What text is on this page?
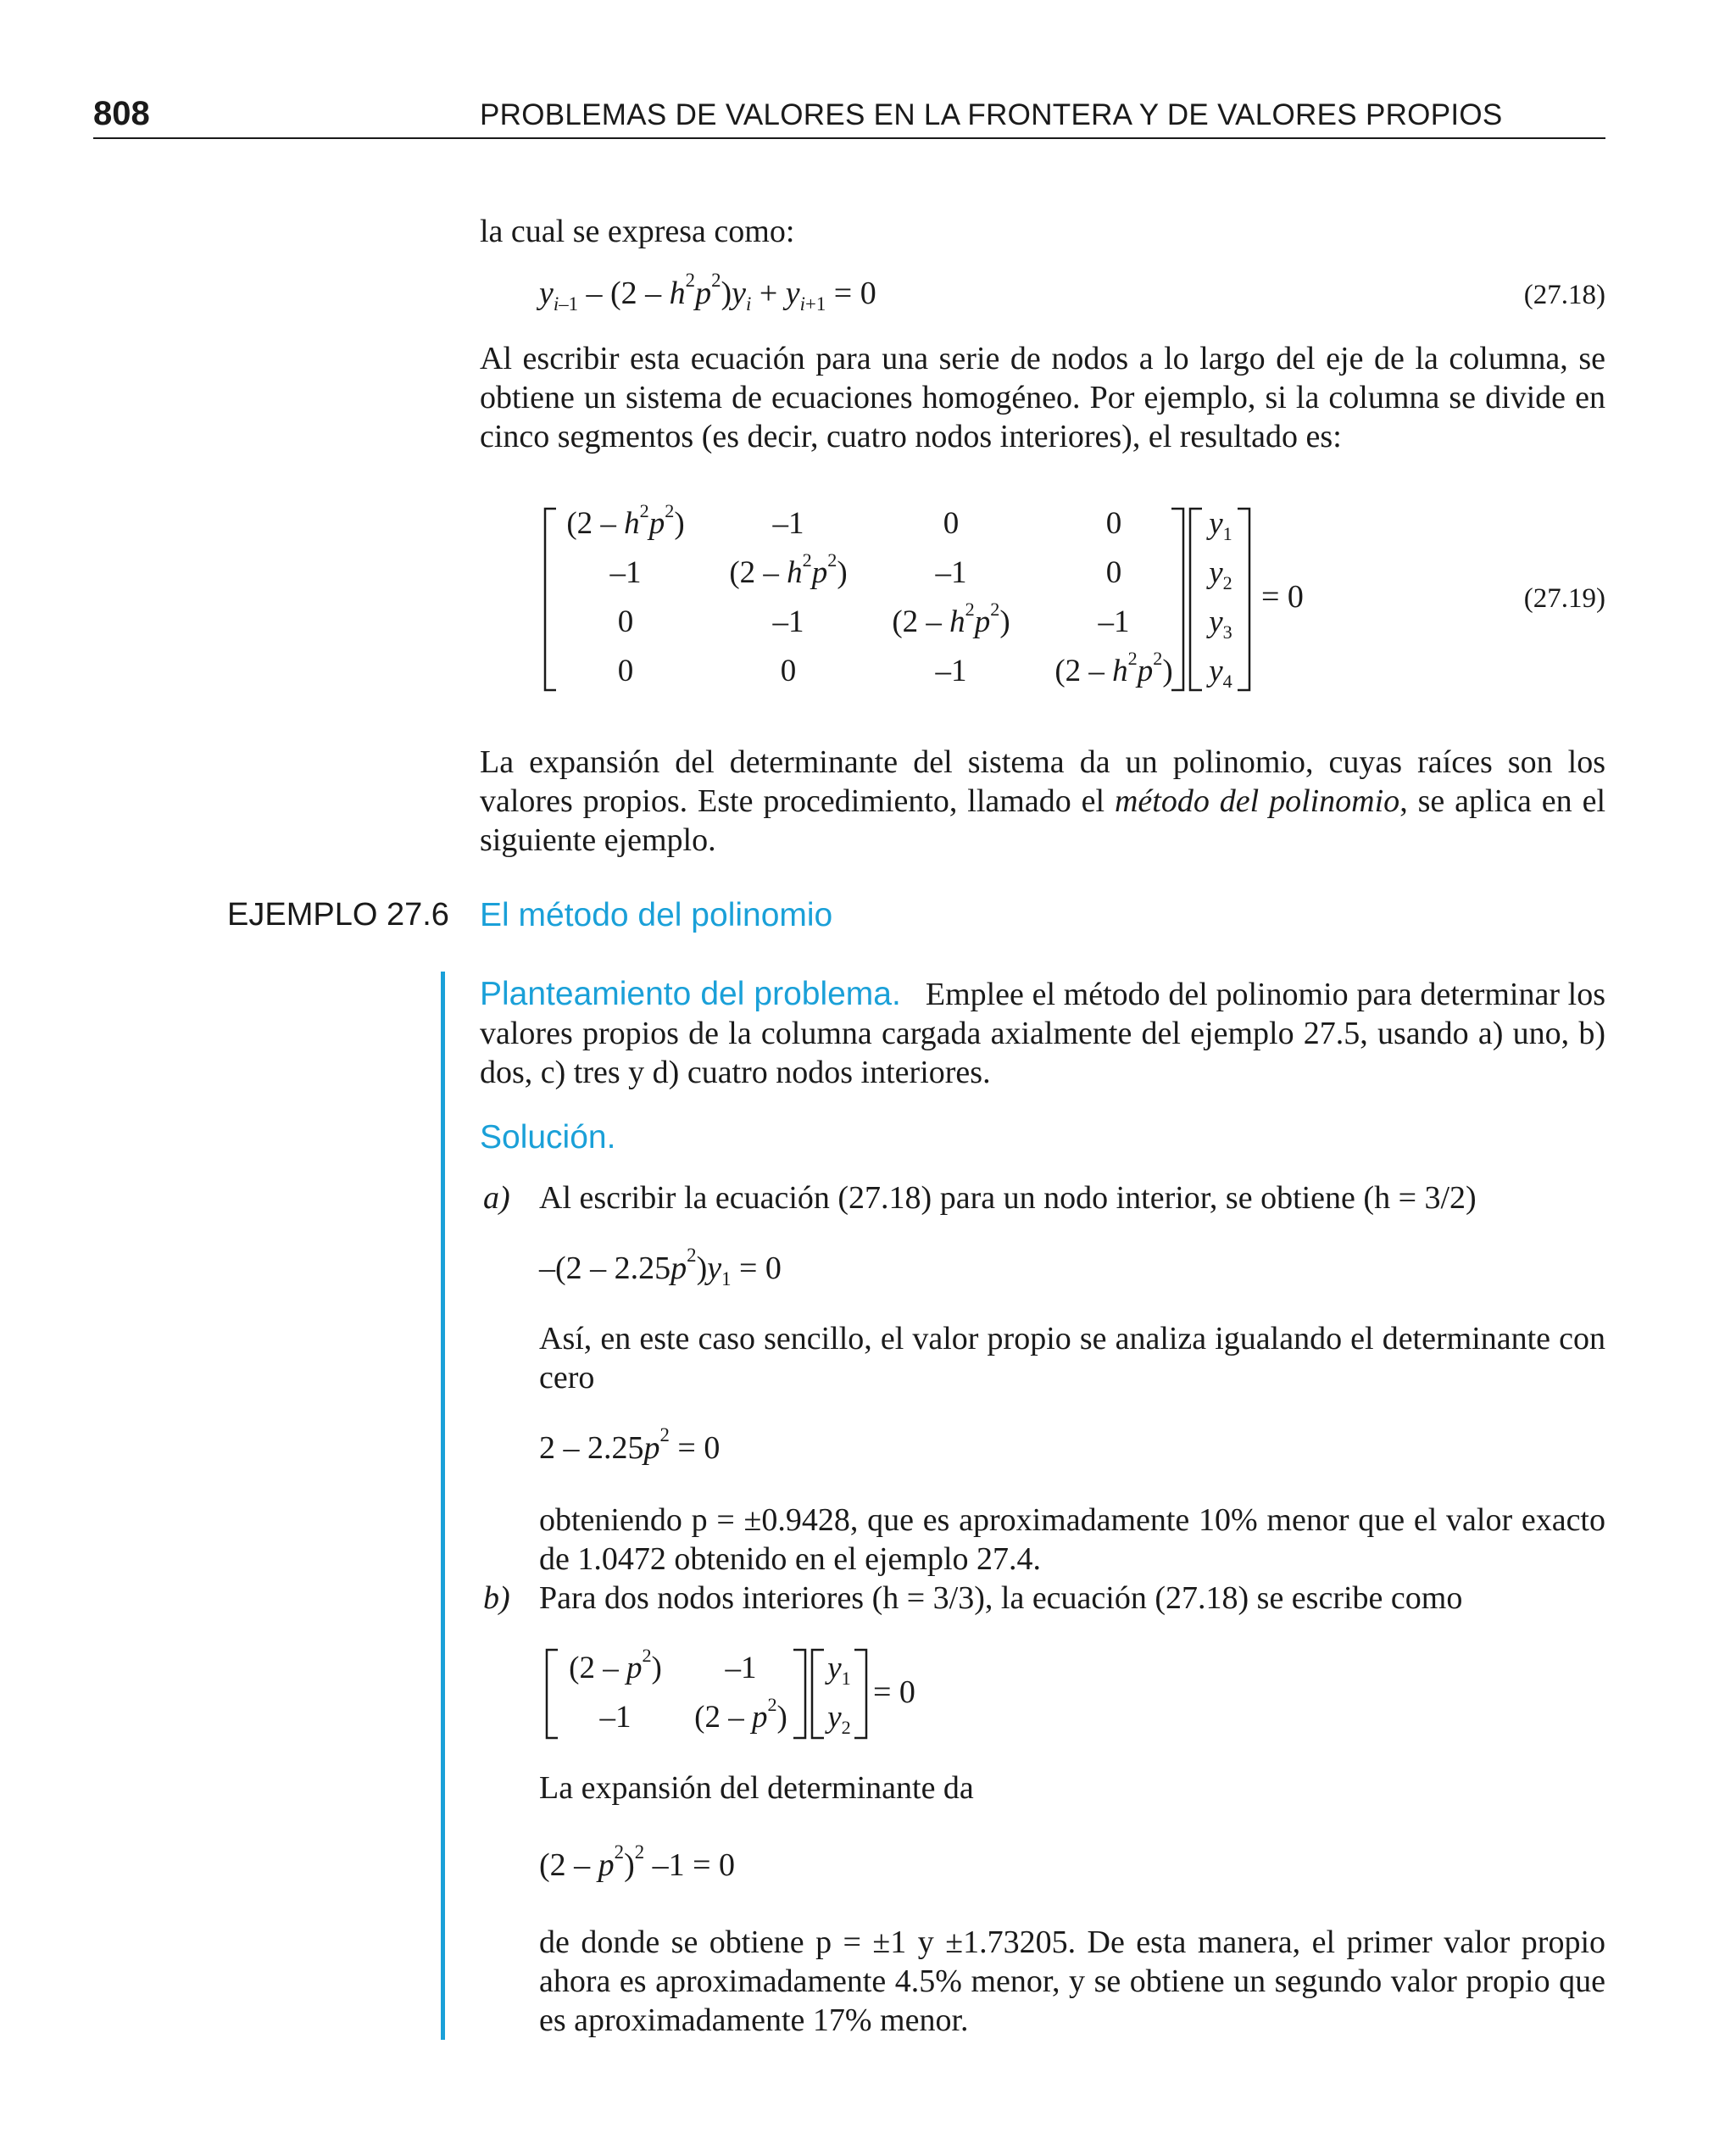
808	PROBLEMAS DE VALORES EN LA FRONTERA Y DE VALORES PROPIOS
la cual se expresa como:
$y_{i-1} - (2 - h^2p^2)y_i + y_{i+1} = 0$	(27.18)
Al escribir esta ecuación para una serie de nodos a lo largo del eje de la columna, se obtiene un sistema de ecuaciones homogéneo. Por ejemplo, si la columna se divide en cinco segmentos (es decir, cuatro nodos interiores), el resultado es:
$(2 - h^2p^2)$	–1	0	0
–1	$(2 - h^2p^2)$	–1	0
0	–1	$(2 - h^2p^2)$	–1
0	0	–1	$(2 - h^2p^2)$
$y_1$
$y_2$
$y_3$
$y_4$
= 0	(27.19)
La expansión del determinante del sistema da un polinomio, cuyas raíces son los valores propios. Este procedimiento, llamado el método del polinomio, se aplica en el siguiente ejemplo.
EJEMPLO 27.6 El método del polinomio
Planteamiento del problema. Emplee el método del polinomio para determinar los valores propios de la columna cargada axialmente del ejemplo 27.5, usando a) uno, b) dos, c) tres y d) cuatro nodos interiores.
Solución.
a) Al escribir la ecuación (27.18) para un nodo interior, se obtiene (h = 3/2)
$-(2 - 2.25p^2)y_1 = 0$
Así, en este caso sencillo, el valor propio se analiza igualando el determinante con cero
$2 - 2.25p^2 = 0$
obteniendo p = ±0.9428, que es aproximadamente 10% menor que el valor exacto de 1.0472 obtenido en el ejemplo 27.4.
b) Para dos nodos interiores (h = 3/3), la ecuación (27.18) se escribe como
$(2 - p^2)$ –1
–1 $(2 - p^2)$
$y_1$
$y_2$
= 0
La expansión del determinante da
$(2 - p^2)^2$ –1 = 0
de donde se obtiene p = ±1 y ±1.73205. De esta manera, el primer valor propio ahora es aproximadamente 4.5% menor, y se obtiene un segundo valor propio que es aproximadamente 17% menor.
